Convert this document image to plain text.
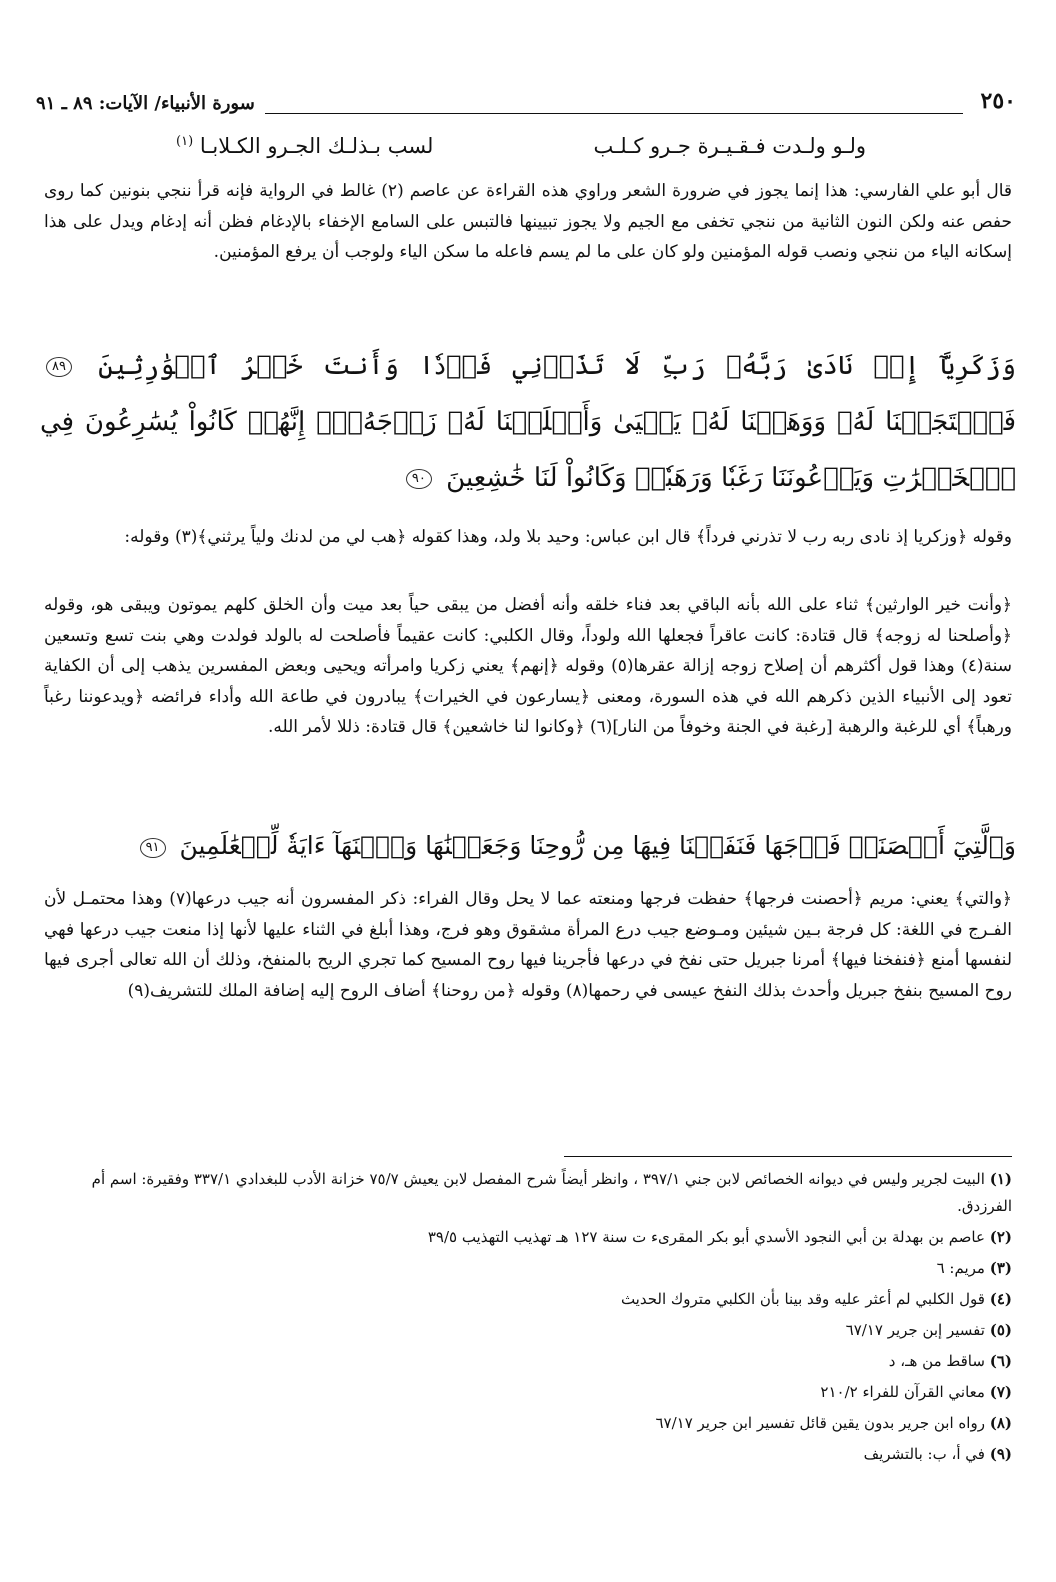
٢٥٠
سورة الأنبياء/ الآيات: ٨٩ ـ ٩١
ولـو ولـدت فـقـيـرة جـرو كـلـب
لسب بـذلـك الجـرو الكـلابـا $^{(١)}$

قال أبو علي الفارسي: هذا إنما يجوز في ضرورة الشعر وراوي هذه القراءة عن عاصم (٢) غالط في الرواية فإنه قرأ ننجي بنونين كما روى حفص عنه ولكن النون الثانية من ننجي تخفى مع الجيم ولا يجوز تبيينها فالتبس على السامع الإخفاء بالإدغام فظن أنه إدغام ويدل على هذا إسكانه الياء من ننجي ونصب قوله المؤمنين ولو كان على ما لم يسم فاعله ما سكن الياء ولوجب أن يرفع المؤمنين.

وَزَكَرِيَّآ إِذۡ نَادَىٰ رَبَّهُۥ رَبِّ لَا تَذَرۡنِي فَرۡدٗا وَأَنتَ خَيۡرُ ٱلۡوَٰرِثِينَ ٨٩ فَٱسۡتَجَبۡنَا لَهُۥ وَوَهَبۡنَا لَهُۥ يَحۡيَىٰ وَأَصۡلَحۡنَا لَهُۥ زَوۡجَهُۥٓۚ إِنَّهُمۡ كَانُواْ يُسَٰرِعُونَ فِي ٱلۡخَيۡرَٰتِ وَيَدۡعُونَنَا رَغَبٗا وَرَهَبٗاۖ وَكَانُواْ لَنَا خَٰشِعِينَ ٩٠

وقوله ﴿وزكريا إذ نادى ربه رب لا تذرني فرداً﴾ قال ابن عباس: وحيد بلا ولد، وهذا كقوله ﴿هب لي من لدنك ولياً يرثني﴾(٣) وقوله:

﴿وأنت خير الوارثين﴾ ثناء على الله بأنه الباقي بعد فناء خلقه وأنه أفضل من يبقى حياً بعد ميت وأن الخلق كلهم يموتون ويبقى هو، وقوله ﴿وأصلحنا له زوجه﴾ قال قتادة: كانت عاقراً فجعلها الله ولوداً، وقال الكلبي: كانت عقيماً فأصلحت له بالولد فولدت وهي بنت تسع وتسعين سنة(٤) وهذا قول أكثرهم أن إصلاح زوجه إزالة عقرها(٥) وقوله ﴿إنهم﴾ يعني زكريا وامرأته ويحيى وبعض المفسرين يذهب إلى أن الكفاية تعود إلى الأنبياء الذين ذكرهم الله في هذه السورة، ومعنى ﴿يسارعون في الخيرات﴾ يبادرون في طاعة الله وأداء فرائضه ﴿ويدعوننا رغباً ورهباً﴾ أي للرغبة والرهبة [رغبة في الجنة وخوفاً من النار](٦) ﴿وكانوا لنا خاشعين﴾ قال قتادة: ذللا لأمر الله.

وَٱلَّتِيٓ أَحۡصَنَتۡ فَرۡجَهَا فَنَفَخۡنَا فِيهَا مِن رُّوحِنَا وَجَعَلۡنَٰهَا وَٱبۡنَهَآ ءَايَةٗ لِّلۡعَٰلَمِينَ ٩١

﴿والتي﴾ يعني: مريم ﴿أحصنت فرجها﴾ حفظت فرجها ومنعته عما لا يحل وقال الفراء: ذكر المفسرون أنه جيب درعها(٧) وهذا محتمـل لأن الفـرج في اللغة: كل فرجة بـين شيئين ومـوضع جيب درع المرأة مشقوق وهو فرج، وهذا أبلغ في الثناء عليها لأنها إذا منعت جيب درعها فهي لنفسها أمنع ﴿فنفخنا فيها﴾ أمرنا جبريل حتى نفخ في درعها فأجرينا فيها روح المسيح كما تجري الريح بالمنفخ، وذلك أن الله تعالى أجرى فيها روح المسيح بنفخ جبريل وأحدث بذلك النفخ عيسى في رحمها(٨) وقوله ﴿من روحنا﴾ أضاف الروح إليه إضافة الملك للتشريف(٩)

(١) البيت لجرير وليس في ديوانه الخصائص لابن جني ٣٩٧/١ ، وانظر أيضاً شرح المفصل لابن يعيش ٧٥/٧ خزانة الأدب للبغدادي ٣٣٧/١ وفقيرة: اسم أم الفرزدق.
(٢) عاصم بن بهدلة بن أبي النجود الأسدي أبو بكر المقرىء ت سنة ١٢٧ هـ تهذيب التهذيب ٣٩/٥
(٣) مريم: ٦
(٤) قول الكلبي لم أعثر عليه وقد بينا بأن الكلبي متروك الحديث
(٥) تفسير إبن جرير ٦٧/١٧
(٦) ساقط من هـ، د
(٧) معاني القرآن للفراء ٢١٠/٢
(٨) رواه ابن جرير بدون يقين قائل تفسير ابن جرير ٦٧/١٧
(٩) في أ، ب: بالتشريف
